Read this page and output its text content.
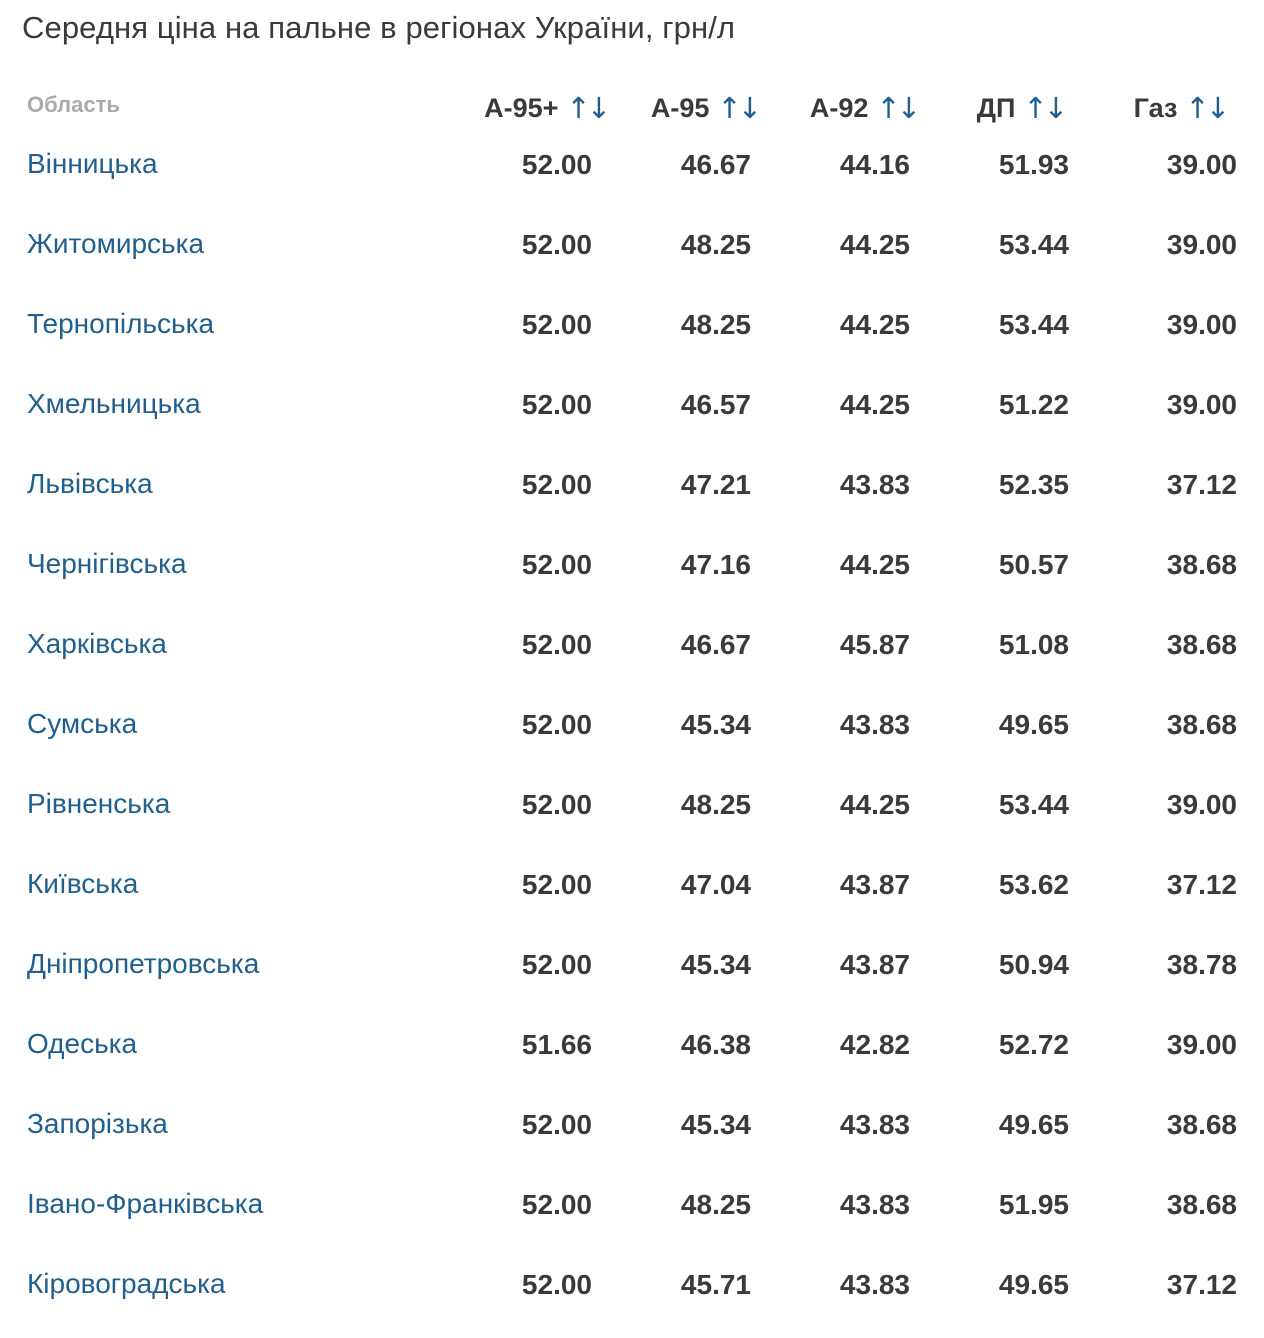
Середня ціна на пальне в регіонах України, грн/л
Область	А-95+ ↑↓ А-95 ↑↓ А-92 ↑↓ ДП ↑↓	Газ ↑↓
Вінницька	52.00	46.67	44.16	51.93	39.00
Житомирська	52.00	48.25	44.25	53.44	39.00
Тернопільська	52.00	48.25	44.25	53.44	39.00
Хмельницька	52.00	46.57	44.25	51.22	39.00
Львівська	52.00	47.21	43.83	52.35	37.12
Чернігівська	52.00	47.16	44.25	50.57	38.68
Харківська	52.00	46.67	45.87	51.08	38.68
Сумська	52.00	45.34	43.83	49.65	38.68
Рівненська	52.00	48.25	44.25	53.44	39.00
Київська	52.00	47.04	43.87	53.62	37.12
Дніпропетровська	52.00	45.34	43.87	50.94	38.78
Одеська	51.66	46.38	42.82	52.72	39.00
Запорізька	52.00	45.34	43.83	49.65	38.68
Івано-Франківська	52.00	48.25	43.83	51.95	38.68
Кіровоградська	52.00	45.71	43.83	49.65	37.12
